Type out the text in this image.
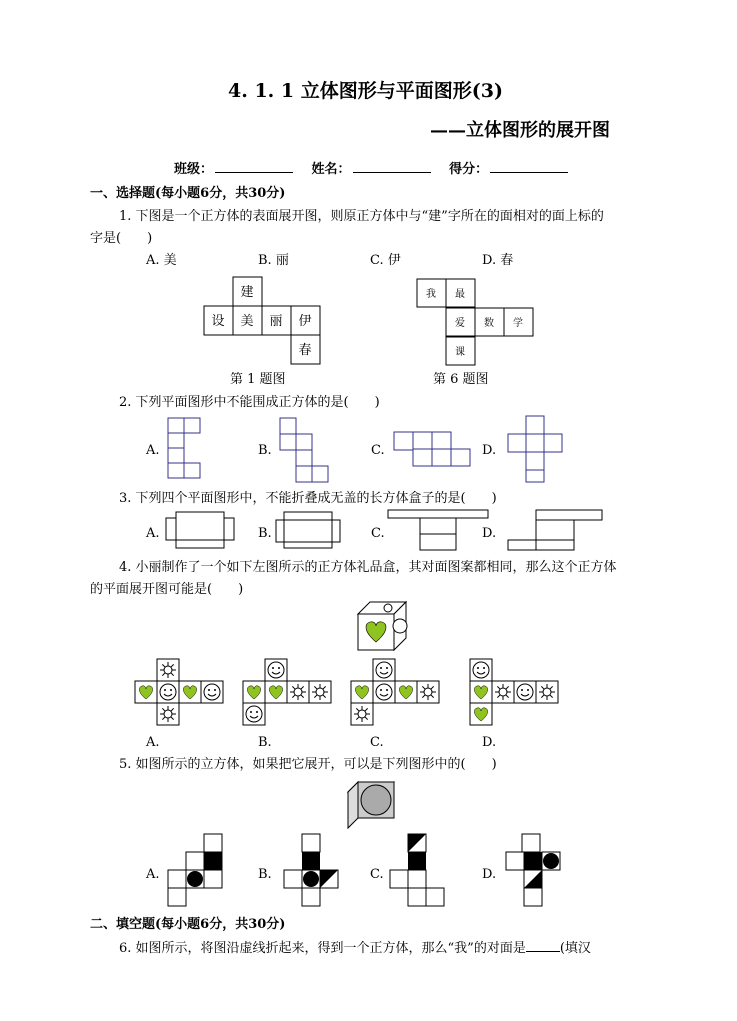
4. 1. 1 立体图形与平面图形(3)
——立体图形的展开图
班级：	姓名：	得分：
一、选择题(每小题6分，共30分)
1. 下图是一个正方体的表面展开图，则原正方体中与“建”字所在的面相对的面上标的
字是(　　)
A. 美	B. 丽	C. 伊	D. 春
建
设 美 丽 伊
春
第 1 题图
我 最
爱 数 学
课
第 6 题图
2. 下列平面图形中不能围成正方体的是(　　)
A.	B.	C.	D.
3. 下列四个平面图形中，不能折叠成无盖的长方体盒子的是(　　)
A.	B.	C.	D.
4. 小丽制作了一个如下左图所示的正方体礼品盒，其对面图案都相同，那么这个正方体
的平面展开图可能是(　　)
A.	B.	C.	D.
5. 如图所示的立方体，如果把它展开，可以是下列图形中的(　　)
A.	B.	C.	D.
二、填空题(每小题6分，共30分)
6. 如图所示，将图沿虚线折起来，得到一个正方体，那么“我”的对面是	(填汉
